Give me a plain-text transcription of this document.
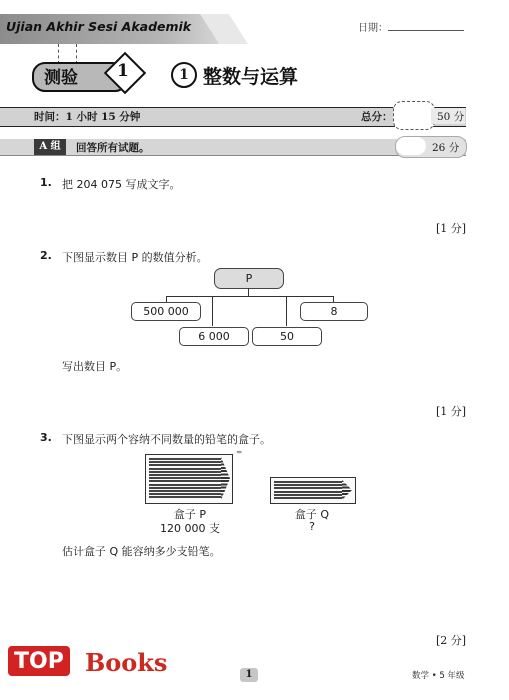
Ujian Akhir Sesi Akademik	日期：
测验 1	1 整数与运算
时间：1 小时 15 分钟	总分：	50 分
A 组	回答所有试题。	26 分
1. 把 204 075 写成文字。
[1 分]
2. 下图显示数目 P 的数值分析。
P
500 000
6 000	50
8
写出数目 P。
[1 分]
3. 下图显示两个容纳不同数量的铅笔的盒子。
⁼
盒子 P
120 000 支
盒子 Q
?
估计盒子 Q 能容纳多少支铅笔。
[2 分]
TOP Books	1	数学 • 5 年级
